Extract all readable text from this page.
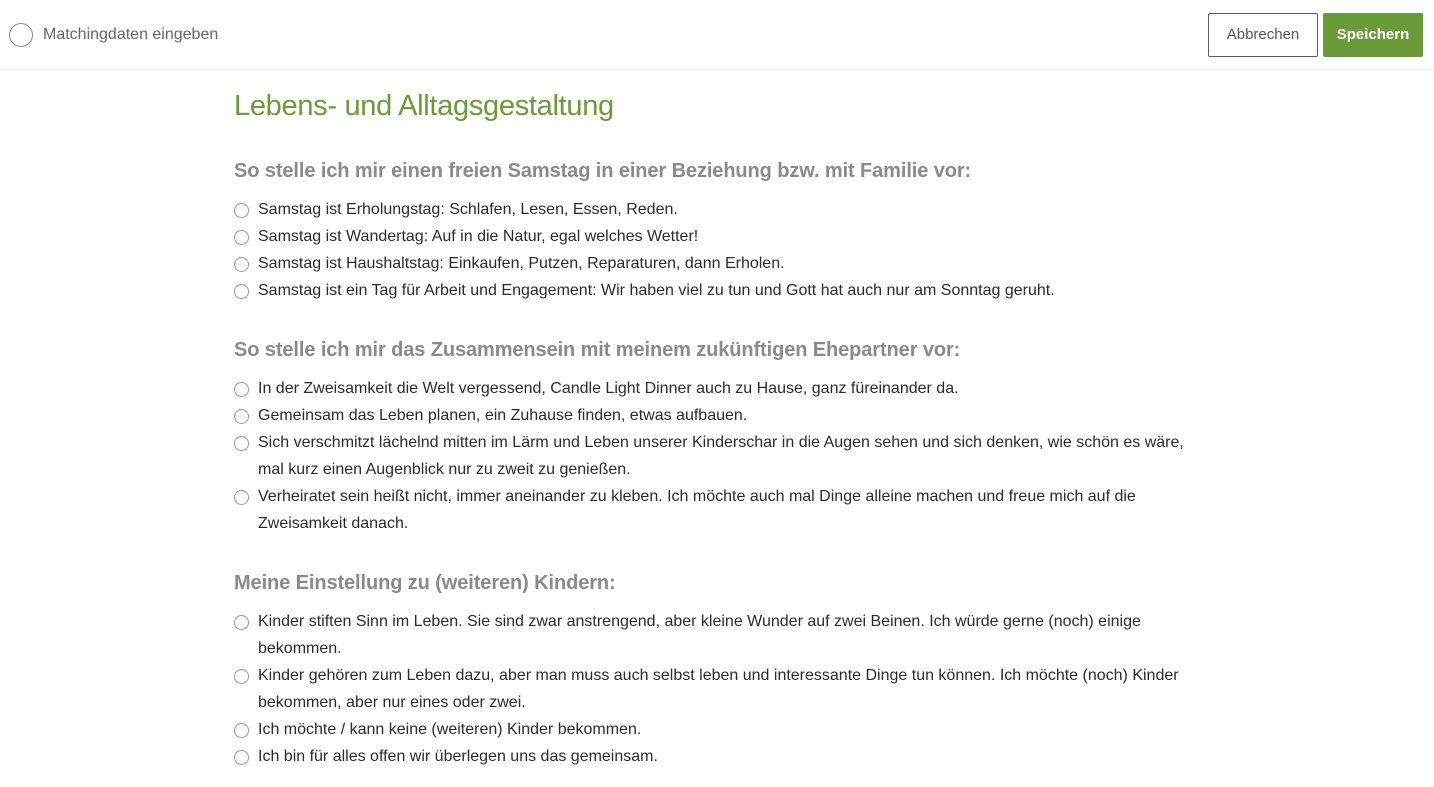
Matchingdaten eingeben	Abbrechen	Speichern
Lebens- und Alltagsgestaltung
So stelle ich mir einen freien Samstag in einer Beziehung bzw. mit Familie vor:
Samstag ist Erholungstag: Schlafen, Lesen, Essen, Reden.
Samstag ist Wandertag: Auf in die Natur, egal welches Wetter!
Samstag ist Haushaltstag: Einkaufen, Putzen, Reparaturen, dann Erholen.
Samstag ist ein Tag für Arbeit und Engagement: Wir haben viel zu tun und Gott hat auch nur am Sonntag geruht.
So stelle ich mir das Zusammensein mit meinem zukünftigen Ehepartner vor:
In der Zweisamkeit die Welt vergessend, Candle Light Dinner auch zu Hause, ganz füreinander da.
Gemeinsam das Leben planen, ein Zuhause finden, etwas aufbauen.
Sich verschmitzt lächelnd mitten im Lärm und Leben unserer Kinderschar in die Augen sehen und sich denken, wie schön es wäre, mal kurz einen Augenblick nur zu zweit zu genießen.
Verheiratet sein heißt nicht, immer aneinander zu kleben. Ich möchte auch mal Dinge alleine machen und freue mich auf die Zweisamkeit danach.
Meine Einstellung zu (weiteren) Kindern:
Kinder stiften Sinn im Leben. Sie sind zwar anstrengend, aber kleine Wunder auf zwei Beinen. Ich würde gerne (noch) einige bekommen.
Kinder gehören zum Leben dazu, aber man muss auch selbst leben und interessante Dinge tun können. Ich möchte (noch) Kinder bekommen, aber nur eines oder zwei.
Ich möchte / kann keine (weiteren) Kinder bekommen.
Ich bin für alles offen wir überlegen uns das gemeinsam.
